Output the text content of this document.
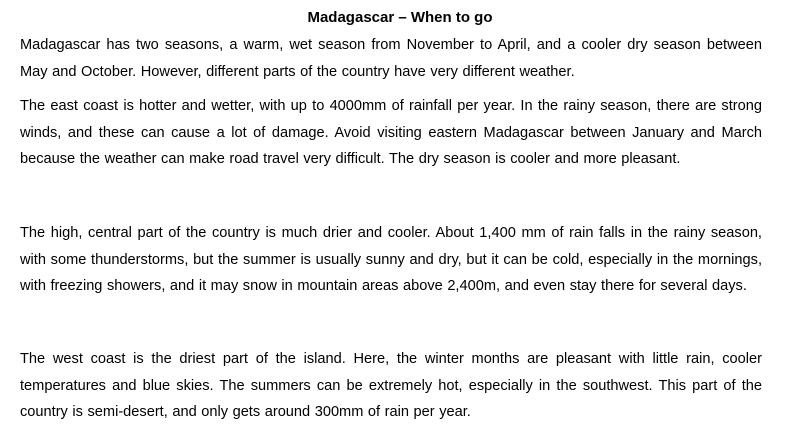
Madagascar – When to go
Madagascar has two seasons, a warm, wet season from November to April, and a cooler dry season between May and October. However, different parts of the country have very different weather.
The east coast is hotter and wetter, with up to 4000mm of rainfall per year. In the rainy season, there are strong winds, and these can cause a lot of damage. Avoid visiting eastern Madagascar between January and March because the weather can make road travel very difficult. The dry season is cooler and more pleasant.
The high, central part of the country is much drier and cooler. About 1,400 mm of rain falls in the rainy season, with some thunderstorms, but the summer is usually sunny and dry, but it can be cold, especially in the mornings, with freezing showers, and it may snow in mountain areas above 2,400m, and even stay there for several days.
The west coast is the driest part of the island. Here, the winter months are pleasant with little rain, cooler temperatures and blue skies. The summers can be extremely hot, especially in the southwest. This part of the country is semi-desert, and only gets around 300mm of rain per year.
